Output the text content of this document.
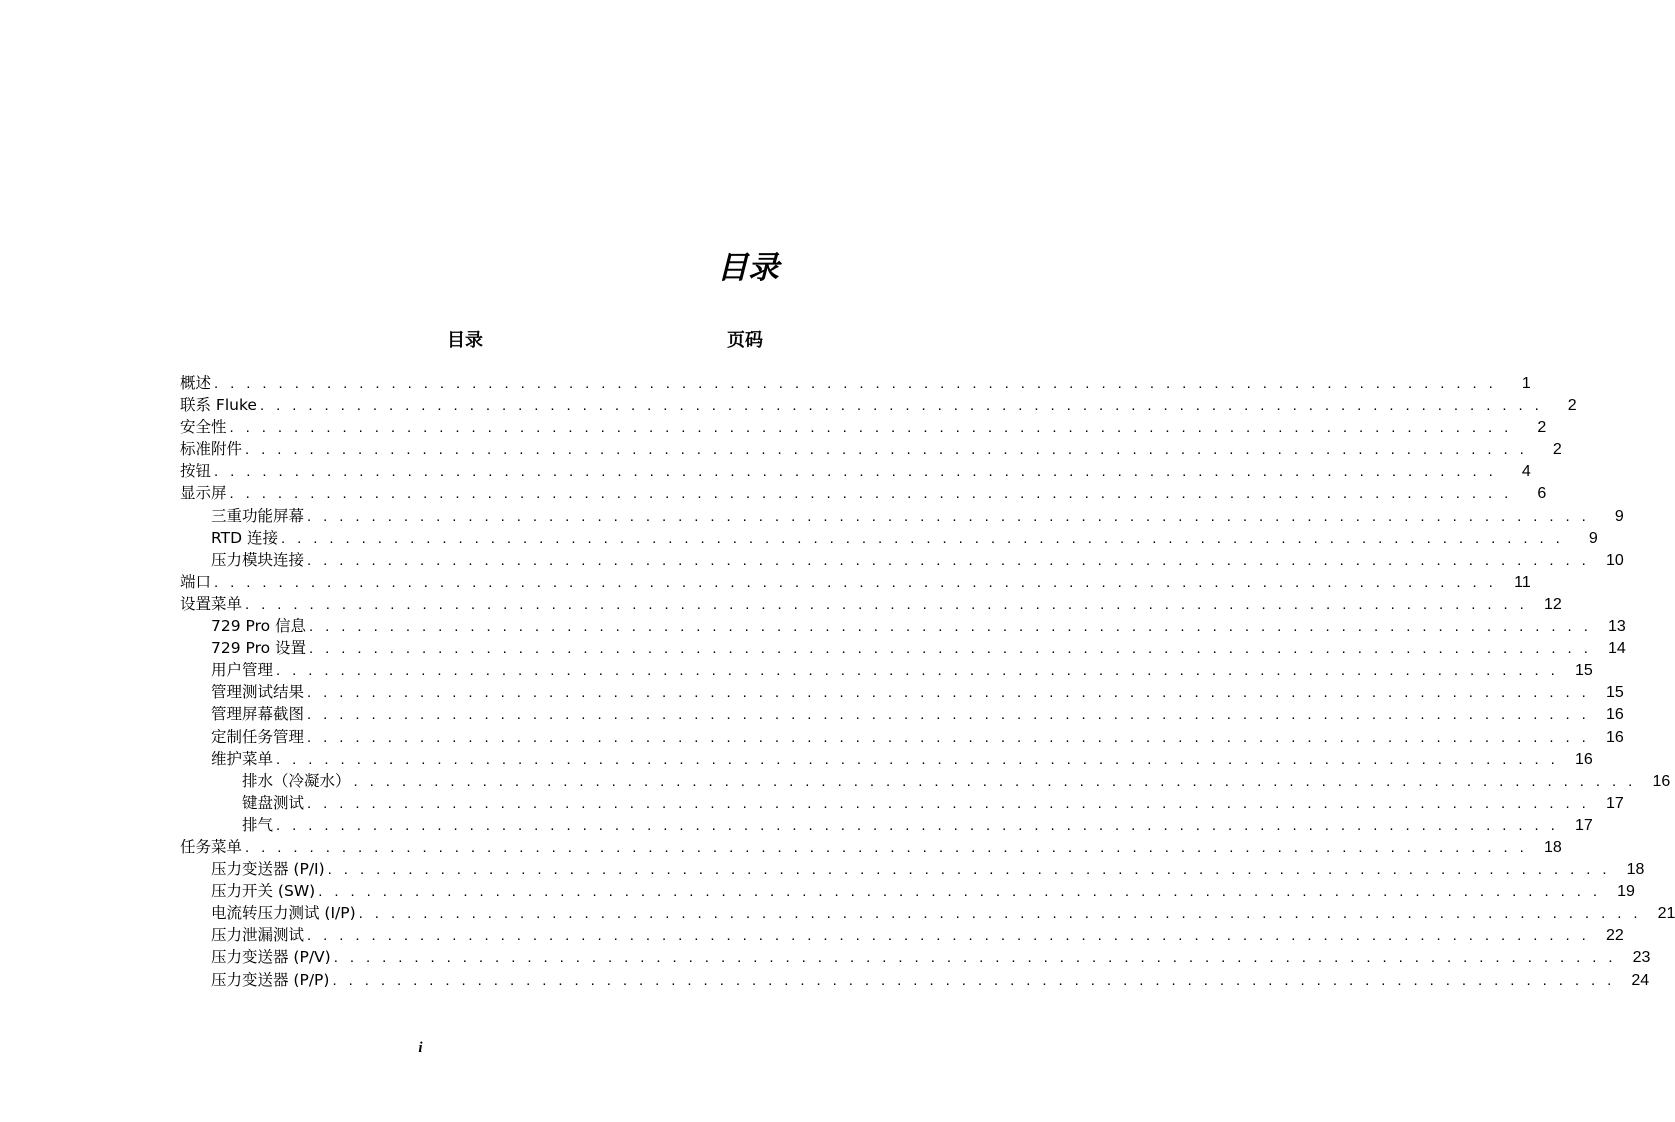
目录
目录	页码
概述 . . . . . . . . . . . . . . . . . . . . . . . . . . . . . . . . . . . . . . . . . . . . . . . . . . . . . . . . . . . . . . . . . . . . . . . . . . . . . . . .	1
联系 Fluke . . . . . . . . . . . . . . . . . . . . . . . . . . . . . . . . . . . . . . . . . . . . . . . . . . . . . . . . . . . . . . . . . . . . . . . . . . . . . . . .	2
安全性 . . . . . . . . . . . . . . . . . . . . . . . . . . . . . . . . . . . . . . . . . . . . . . . . . . . . . . . . . . . . . . . . . . . . . . . . . . . . . . . .	2
标准附件 . . . . . . . . . . . . . . . . . . . . . . . . . . . . . . . . . . . . . . . . . . . . . . . . . . . . . . . . . . . . . . . . . . . . . . . . . . . . . . . .	2
按钮 . . . . . . . . . . . . . . . . . . . . . . . . . . . . . . . . . . . . . . . . . . . . . . . . . . . . . . . . . . . . . . . . . . . . . . . . . . . . . . . .	4
显示屏 . . . . . . . . . . . . . . . . . . . . . . . . . . . . . . . . . . . . . . . . . . . . . . . . . . . . . . . . . . . . . . . . . . . . . . . . . . . . . . . .	6
三重功能屏幕 . . . . . . . . . . . . . . . . . . . . . . . . . . . . . . . . . . . . . . . . . . . . . . . . . . . . . . . . . . . . . . . . . . . . . . . . . . . . . . . .	9
RTD 连接 . . . . . . . . . . . . . . . . . . . . . . . . . . . . . . . . . . . . . . . . . . . . . . . . . . . . . . . . . . . . . . . . . . . . . . . . . . . . . . . .	9
压力模块连接 . . . . . . . . . . . . . . . . . . . . . . . . . . . . . . . . . . . . . . . . . . . . . . . . . . . . . . . . . . . . . . . . . . . . . . . . . . . . . . . .	10
端口 . . . . . . . . . . . . . . . . . . . . . . . . . . . . . . . . . . . . . . . . . . . . . . . . . . . . . . . . . . . . . . . . . . . . . . . . . . . . . . . .	11
设置菜单 . . . . . . . . . . . . . . . . . . . . . . . . . . . . . . . . . . . . . . . . . . . . . . . . . . . . . . . . . . . . . . . . . . . . . . . . . . . . . . . .	12
729 Pro 信息 . . . . . . . . . . . . . . . . . . . . . . . . . . . . . . . . . . . . . . . . . . . . . . . . . . . . . . . . . . . . . . . . . . . . . . . . . . . . . . . .	13
729 Pro 设置 . . . . . . . . . . . . . . . . . . . . . . . . . . . . . . . . . . . . . . . . . . . . . . . . . . . . . . . . . . . . . . . . . . . . . . . . . . . . . . . .	14
用户管理 . . . . . . . . . . . . . . . . . . . . . . . . . . . . . . . . . . . . . . . . . . . . . . . . . . . . . . . . . . . . . . . . . . . . . . . . . . . . . . . .	15
管理测试结果 . . . . . . . . . . . . . . . . . . . . . . . . . . . . . . . . . . . . . . . . . . . . . . . . . . . . . . . . . . . . . . . . . . . . . . . . . . . . . . . .	15
管理屏幕截图 . . . . . . . . . . . . . . . . . . . . . . . . . . . . . . . . . . . . . . . . . . . . . . . . . . . . . . . . . . . . . . . . . . . . . . . . . . . . . . . .	16
定制任务管理 . . . . . . . . . . . . . . . . . . . . . . . . . . . . . . . . . . . . . . . . . . . . . . . . . . . . . . . . . . . . . . . . . . . . . . . . . . . . . . . .	16
维护菜单 . . . . . . . . . . . . . . . . . . . . . . . . . . . . . . . . . . . . . . . . . . . . . . . . . . . . . . . . . . . . . . . . . . . . . . . . . . . . . . . .	16
排水（冷凝水） . . . . . . . . . . . . . . . . . . . . . . . . . . . . . . . . . . . . . . . . . . . . . . . . . . . . . . . . . . . . . . . . . . . . . . . . . . . . . . . .	16
键盘测试 . . . . . . . . . . . . . . . . . . . . . . . . . . . . . . . . . . . . . . . . . . . . . . . . . . . . . . . . . . . . . . . . . . . . . . . . . . . . . . . .	17
排气 . . . . . . . . . . . . . . . . . . . . . . . . . . . . . . . . . . . . . . . . . . . . . . . . . . . . . . . . . . . . . . . . . . . . . . . . . . . . . . . .	17
任务菜单 . . . . . . . . . . . . . . . . . . . . . . . . . . . . . . . . . . . . . . . . . . . . . . . . . . . . . . . . . . . . . . . . . . . . . . . . . . . . . . . .	18
压力变送器 (P/I) . . . . . . . . . . . . . . . . . . . . . . . . . . . . . . . . . . . . . . . . . . . . . . . . . . . . . . . . . . . . . . . . . . . . . . . . . . . . . . . .	18
压力开关 (SW) . . . . . . . . . . . . . . . . . . . . . . . . . . . . . . . . . . . . . . . . . . . . . . . . . . . . . . . . . . . . . . . . . . . . . . . . . . . . . . . .	19
电流转压力测试 (I/P) . . . . . . . . . . . . . . . . . . . . . . . . . . . . . . . . . . . . . . . . . . . . . . . . . . . . . . . . . . . . . . . . . . . . . . . . . . . . . . . .	21
压力泄漏测试 . . . . . . . . . . . . . . . . . . . . . . . . . . . . . . . . . . . . . . . . . . . . . . . . . . . . . . . . . . . . . . . . . . . . . . . . . . . . . . . .	22
压力变送器 (P/V) . . . . . . . . . . . . . . . . . . . . . . . . . . . . . . . . . . . . . . . . . . . . . . . . . . . . . . . . . . . . . . . . . . . . . . . . . . . . . . . .	23
压力变送器 (P/P) . . . . . . . . . . . . . . . . . . . . . . . . . . . . . . . . . . . . . . . . . . . . . . . . . . . . . . . . . . . . . . . . . . . . . . . . . . . . . . . .	24
i
